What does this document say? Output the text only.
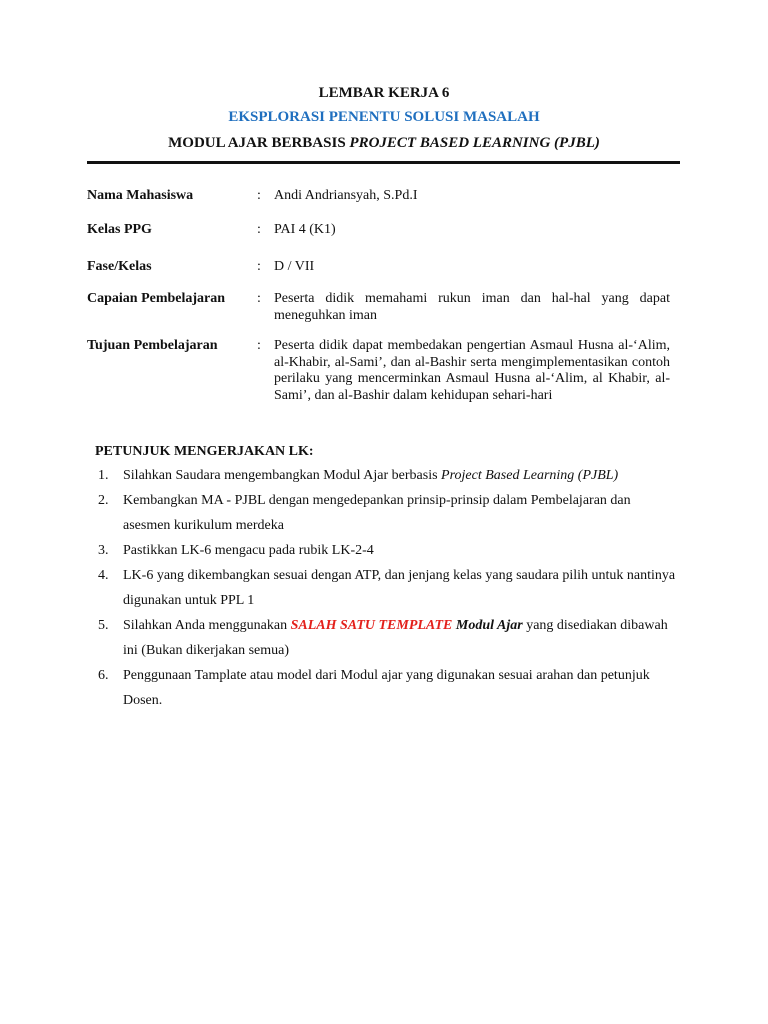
LEMBAR KERJA 6
EKSPLORASI PENENTU SOLUSI MASALAH
MODUL AJAR BERBASIS PROJECT BASED LEARNING (PJBL)
Nama Mahasiswa	: Andi Andriansyah, S.Pd.I
Kelas PPG	: PAI 4 (K1)
Fase/Kelas	: D / VII
Capaian Pembelajaran : Peserta didik memahami rukun iman dan hal-hal yang dapat meneguhkan iman
Tujuan Pembelajaran	: Peserta didik dapat membedakan pengertian Asmaul Husna al-‘Alim, al-Khabir, al-Sami’, dan al-Bashir serta mengimplementasikan contoh perilaku yang mencerminkan Asmaul Husna al-‘Alim, al Khabir, al-Sami’, dan al-Bashir dalam kehidupan sehari-hari
PETUNJUK MENGERJAKAN LK:
1. Silahkan Saudara mengembangkan Modul Ajar berbasis Project Based Learning (PJBL)
2. Kembangkan MA - PJBL dengan mengedepankan prinsip-prinsip dalam Pembelajaran dan asesmen kurikulum merdeka
3. Pastikkan LK-6 mengacu pada rubik LK-2-4
4. LK-6 yang dikembangkan sesuai dengan ATP, dan jenjang kelas yang saudara pilih untuk nantinya digunakan untuk PPL 1
5. Silahkan Anda menggunakan SALAH SATU TEMPLATE Modul Ajar yang disediakan dibawah ini (Bukan dikerjakan semua)
6. Penggunaan Tamplate atau model dari Modul ajar yang digunakan sesuai arahan dan petunjuk Dosen.
